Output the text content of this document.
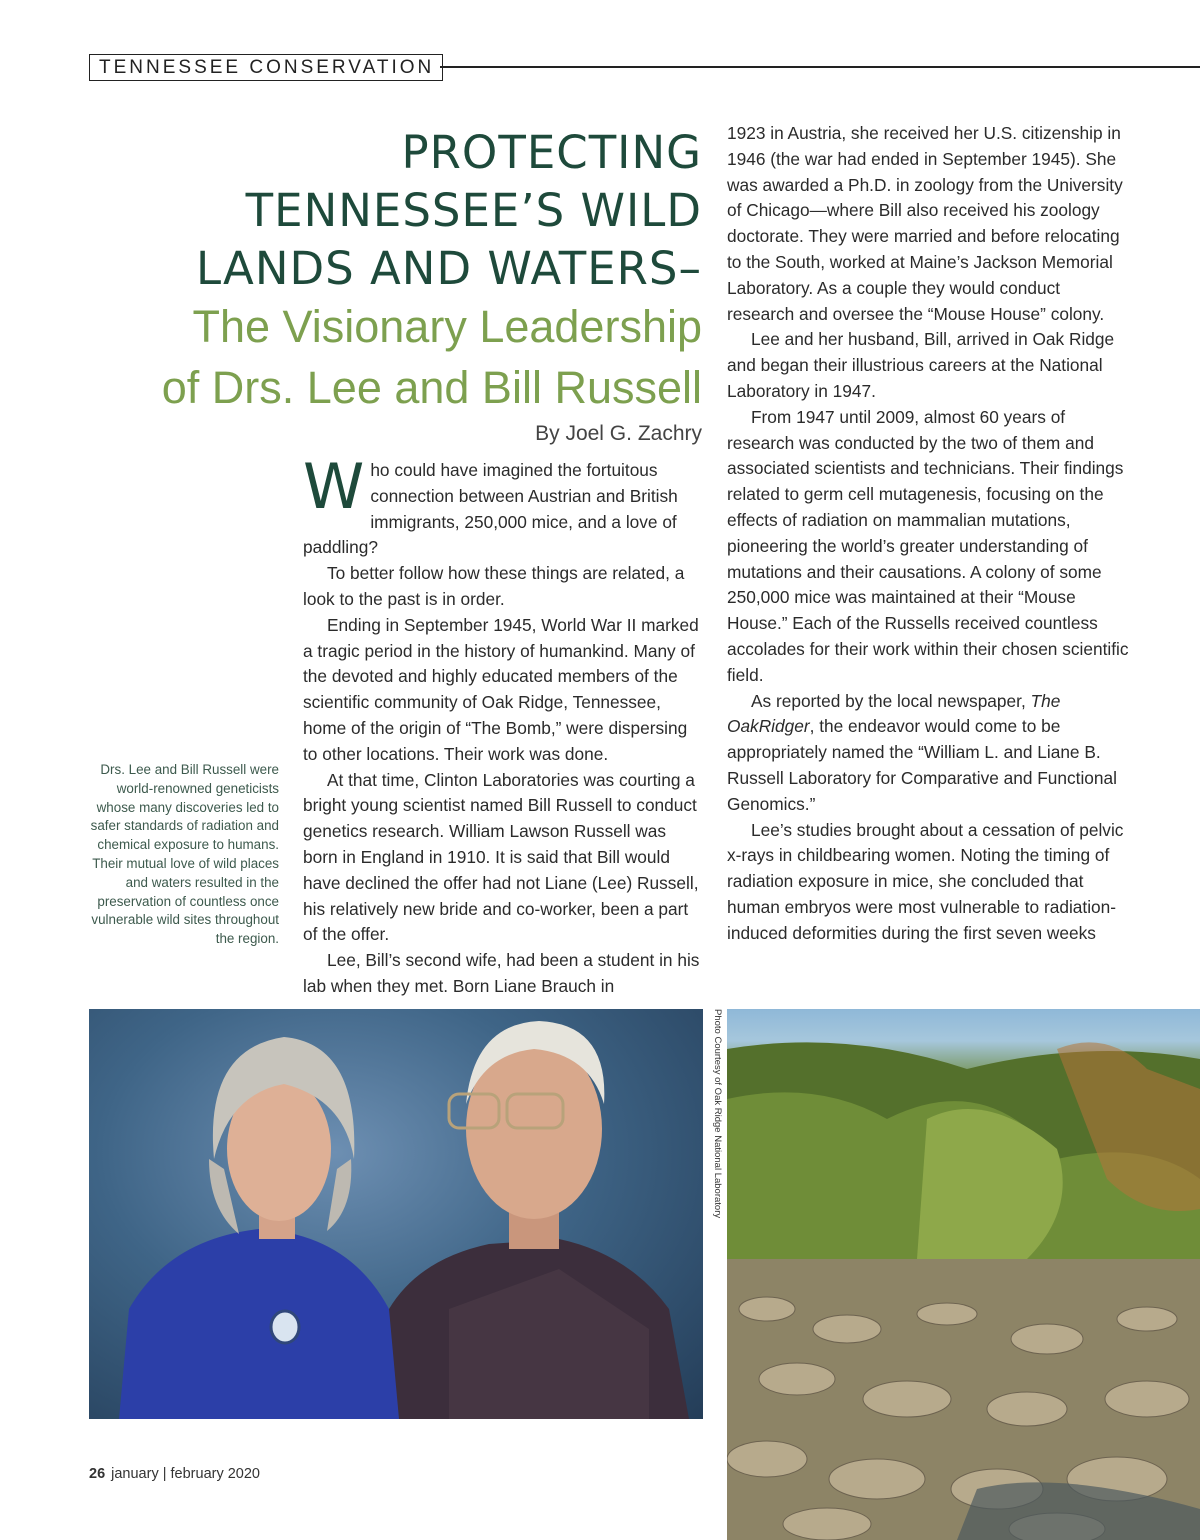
TENNESSEE CONSERVATION
PROTECTING
TENNESSEE’S WILD
LANDS AND WATERS–
The Visionary Leadership
of Drs. Lee and Bill Russell
By Joel G. Zachry

Who could have imagined the fortuitous connection between Austrian and British immigrants, 250,000 mice, and a love of paddling?

To better follow how these things are related, a look to the past is in order.

Ending in September 1945, World War II marked a tragic period in the history of humankind. Many of the devoted and highly educated members of the scientific community of Oak Ridge, Tennessee, home of the origin of “The Bomb,” were dispersing to other locations. Their work was done.

At that time, Clinton Laboratories was courting a bright young scientist named Bill Russell to conduct genetics research. William Lawson Russell was born in England in 1910. It is said that Bill would have declined the offer had not Liane (Lee) Russell, his relatively new bride and co-worker, been a part of the offer.

Lee, Bill’s second wife, had been a student in his lab when they met. Born Liane Brauch in

1923 in Austria, she received her U.S. citizenship in 1946 (the war had ended in September 1945). She was awarded a Ph.D. in zoology from the University of Chicago—where Bill also received his zoology doctorate. They were married and before relocating to the South, worked at Maine’s Jackson Memorial Laboratory. As a couple they would conduct research and oversee the “Mouse House” colony.

Lee and her husband, Bill, arrived in Oak Ridge and began their illustrious careers at the National Laboratory in 1947.

From 1947 until 2009, almost 60 years of research was conducted by the two of them and associated scientists and technicians. Their findings related to germ cell mutagenesis, focusing on the effects of radiation on mammalian mutations, pioneering the world’s greater understanding of mutations and their causations. A colony of some 250,000 mice was maintained at their “Mouse House.” Each of the Russells received countless accolades for their work within their chosen scientific field.

As reported by the local newspaper, The OakRidger, the endeavor would come to be appropriately named the “William L. and Liane B. Russell Laboratory for Comparative and Functional Genomics.”

Lee’s studies brought about a cessation of pelvic x-rays in childbearing women. Noting the timing of radiation exposure in mice, she concluded that human embryos were most vulnerable to radiation-induced deformities during the first seven weeks

Drs. Lee and Bill Russell were world-renowned geneticists whose many discoveries led to safer standards of radiation and chemical exposure to humans. Their mutual love of wild places and waters resulted in the preservation of countless once vulnerable wild sites throughout the region.

Photo Courtesy of Oak Ridge National Laboratory
26 january | february 2020
